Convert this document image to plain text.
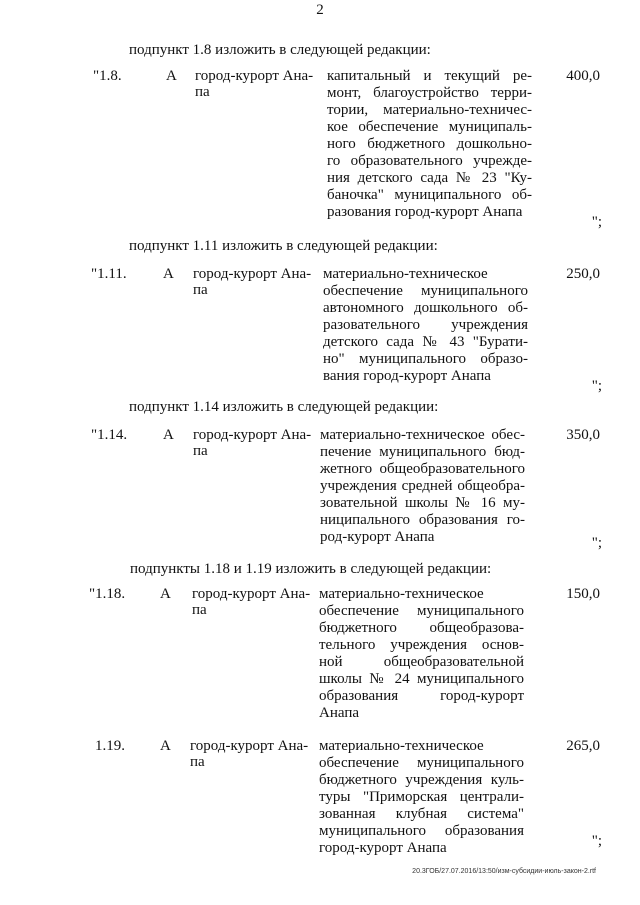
2
подпункт 1.8 изложить в следующей редакции:
"1.8.	А город-курорт Ана-
па
капитальный и текущий ре-
монт, благоустройство терри-
тории, материально-техничес-
кое обеспечение муниципаль-
ного бюджетного дошкольно-
го образовательного учрежде-
ния детского сада № 23 "Ку-
баночка" муниципального об-
разования город-курорт Анапа
400,0
";
подпункт 1.11 изложить в следующей редакции:
"1.11. А город-курорт Ана-
па
материально-техническое
обеспечение муниципального
автономного дошкольного об-
разовательного учреждения
детского сада № 43 "Бурати-
но" муниципального образо-
вания город-курорт Анапа
250,0
";
подпункт 1.14 изложить в следующей редакции:
"1.14. А город-курорт Ана-
па
материально-техническое обес-
печение муниципального бюд-
жетного общеобразовательного
учреждения средней общеобра-
зовательной школы № 16 му-
ниципального образования го-
род-курорт Анапа
350,0
";
подпункты 1.18 и 1.19 изложить в следующей редакции:
"1.18. А город-курорт Ана-
па
материально-техническое
обеспечение муниципального
бюджетного общеобразова-
тельного учреждения основ-
ной общеобразовательной
школы № 24 муниципального
образования город-курорт
Анапа
150,0
1.19. А город-курорт Ана-
па
материально-техническое
обеспечение муниципального
бюджетного учреждения куль-
туры "Приморская централи-
зованная клубная система"
муниципального образования
город-курорт Анапа
265,0
";
20.3ГОБ/27.07.2016/13:50/изм-субсидии-июль-закон-2.rtf
